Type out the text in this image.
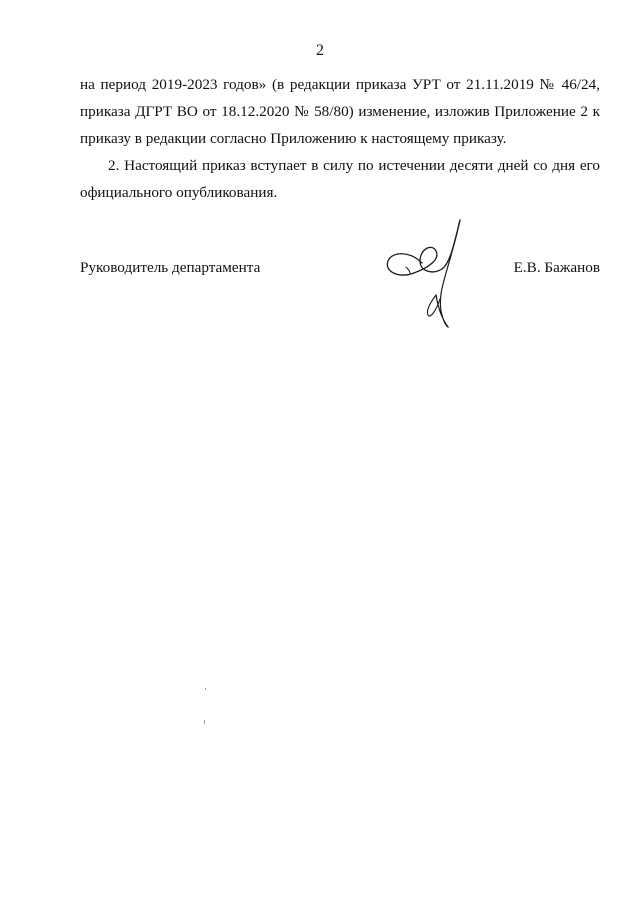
2
на период 2019-2023 годов» (в редакции приказа УРТ от 21.11.2019 № 46/24,
приказа ДГРТ ВО от 18.12.2020 № 58/80) изменение, изложив Приложение 2 к
приказу в редакции согласно Приложению к настоящему приказу.
2. Настоящий приказ вступает в силу по истечении десяти дней со дня его
официального опубликования.
Руководитель департамента	Е.В. Бажанов
